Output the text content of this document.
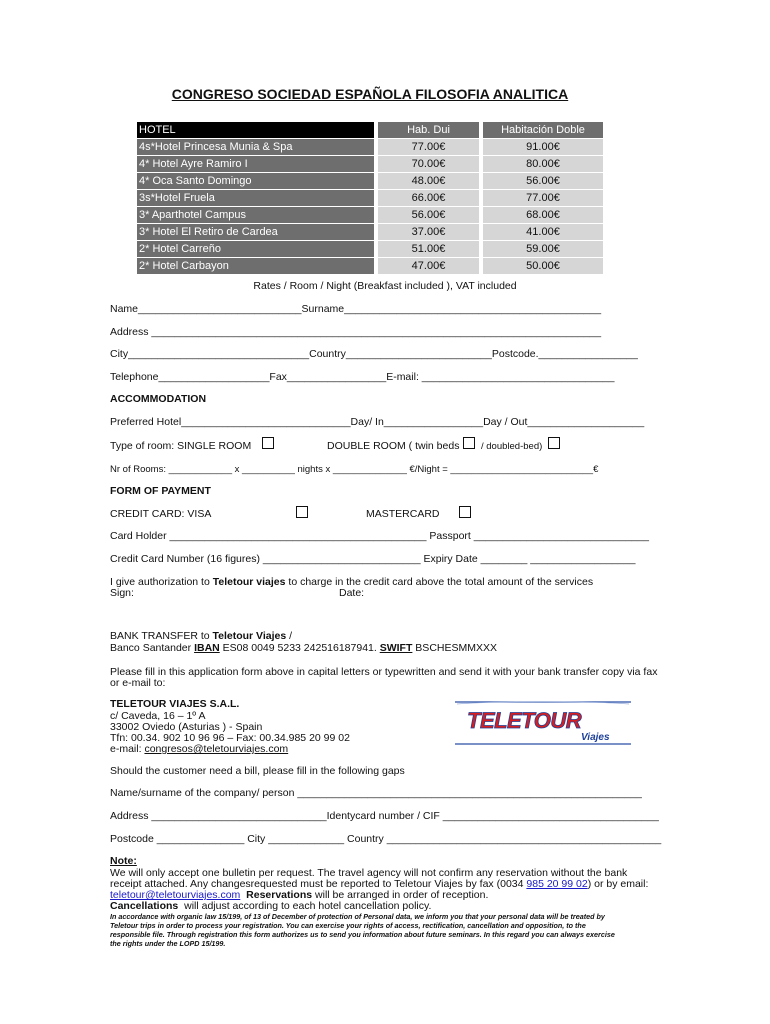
CONGRESO SOCIEDAD ESPAÑOLA FILOSOFIA ANALITICA
HOTEL		Hab. Dui		Habitación Doble
4s*Hotel Princesa Munia & Spa		77.00€		91.00€
4* Hotel Ayre Ramiro I		70.00€		80.00€
4* Oca Santo Domingo		48.00€		56.00€
3s*Hotel Fruela		66.00€		77.00€
3* Aparthotel Campus		56.00€		68.00€
3* Hotel El Retiro de Cardea		37.00€		41.00€
2* Hotel Carreño		51.00€		59.00€
2* Hotel Carbayon		47.00€		50.00€
Rates / Room / Night (Breakfast included ), VAT included
Name____________________________Surname____________________________________________
Address _____________________________________________________________________________
City_______________________________Country_________________________Postcode._________________
Telephone___________________Fax_________________E-mail: _________________________________
ACCOMMODATION
Preferred Hotel_____________________________Day/ In_________________Day / Out____________________
Type of room: SINGLE ROOM	DOUBLE ROOM ( twin beds / doubled-bed)
Nr of Rooms: ____________ x __________ nights x ______________ €/Night = ___________________________€
FORM OF PAYMENT
CREDIT CARD: VISA	MASTERCARD
Card Holder ____________________________________________ Passport ______________________________
Credit Card Number (16 figures) ___________________________ Expiry Date ________ __________________
I give authorization to Teletour viajes to charge in the credit card above the total amount of the services
Sign:	Date:
BANK TRANSFER to Teletour Viajes /
Banco Santander IBAN ES08 0049 5233 242516187941. SWIFT BSCHESMMXXX
Please fill in this application form above in capital letters or typewritten and send it with your bank transfer copy via fax
or e-mail to:
TELETOUR VIAJES S.A.L.
c/ Caveda, 16 – 1º A
33002 Oviedo (Asturias ) - Spain
Tfn: 00.34. 902 10 96 96 – Fax: 00.34.985 20 99 02
e-mail: congresos@teletourviajes.com
TELETOUR
Viajes
Should the customer need a bill, please fill in the following gaps
Name/surname of the company/ person ___________________________________________________________
Address ______________________________Identycard number / CIF _____________________________________
Postcode _______________ City _____________ Country _______________________________________________
Note:
We will only accept one bulletin per request. The travel agency will not confirm any reservation without the bank
receipt attached. Any changesrequested must be reported to Teletour Viajes by fax (0034 985 20 99 02) or by email:
teletour@teletourviajes.com Reservations will be arranged in order of reception.
Cancellations  will adjust according to each hotel cancellation policy.
In accordance with organic law 15/199, of 13 of December of protection of Personal data, we inform you that your personal data will be treated by
Teletour trips in order to process your registration. You can exercise your rights of access, rectification, cancellation and opposition, to the
responsible file. Through registration this form authorizes us to send you information about future seminars. In this regard you can always exercise
the rights under the LOPD 15/199.
